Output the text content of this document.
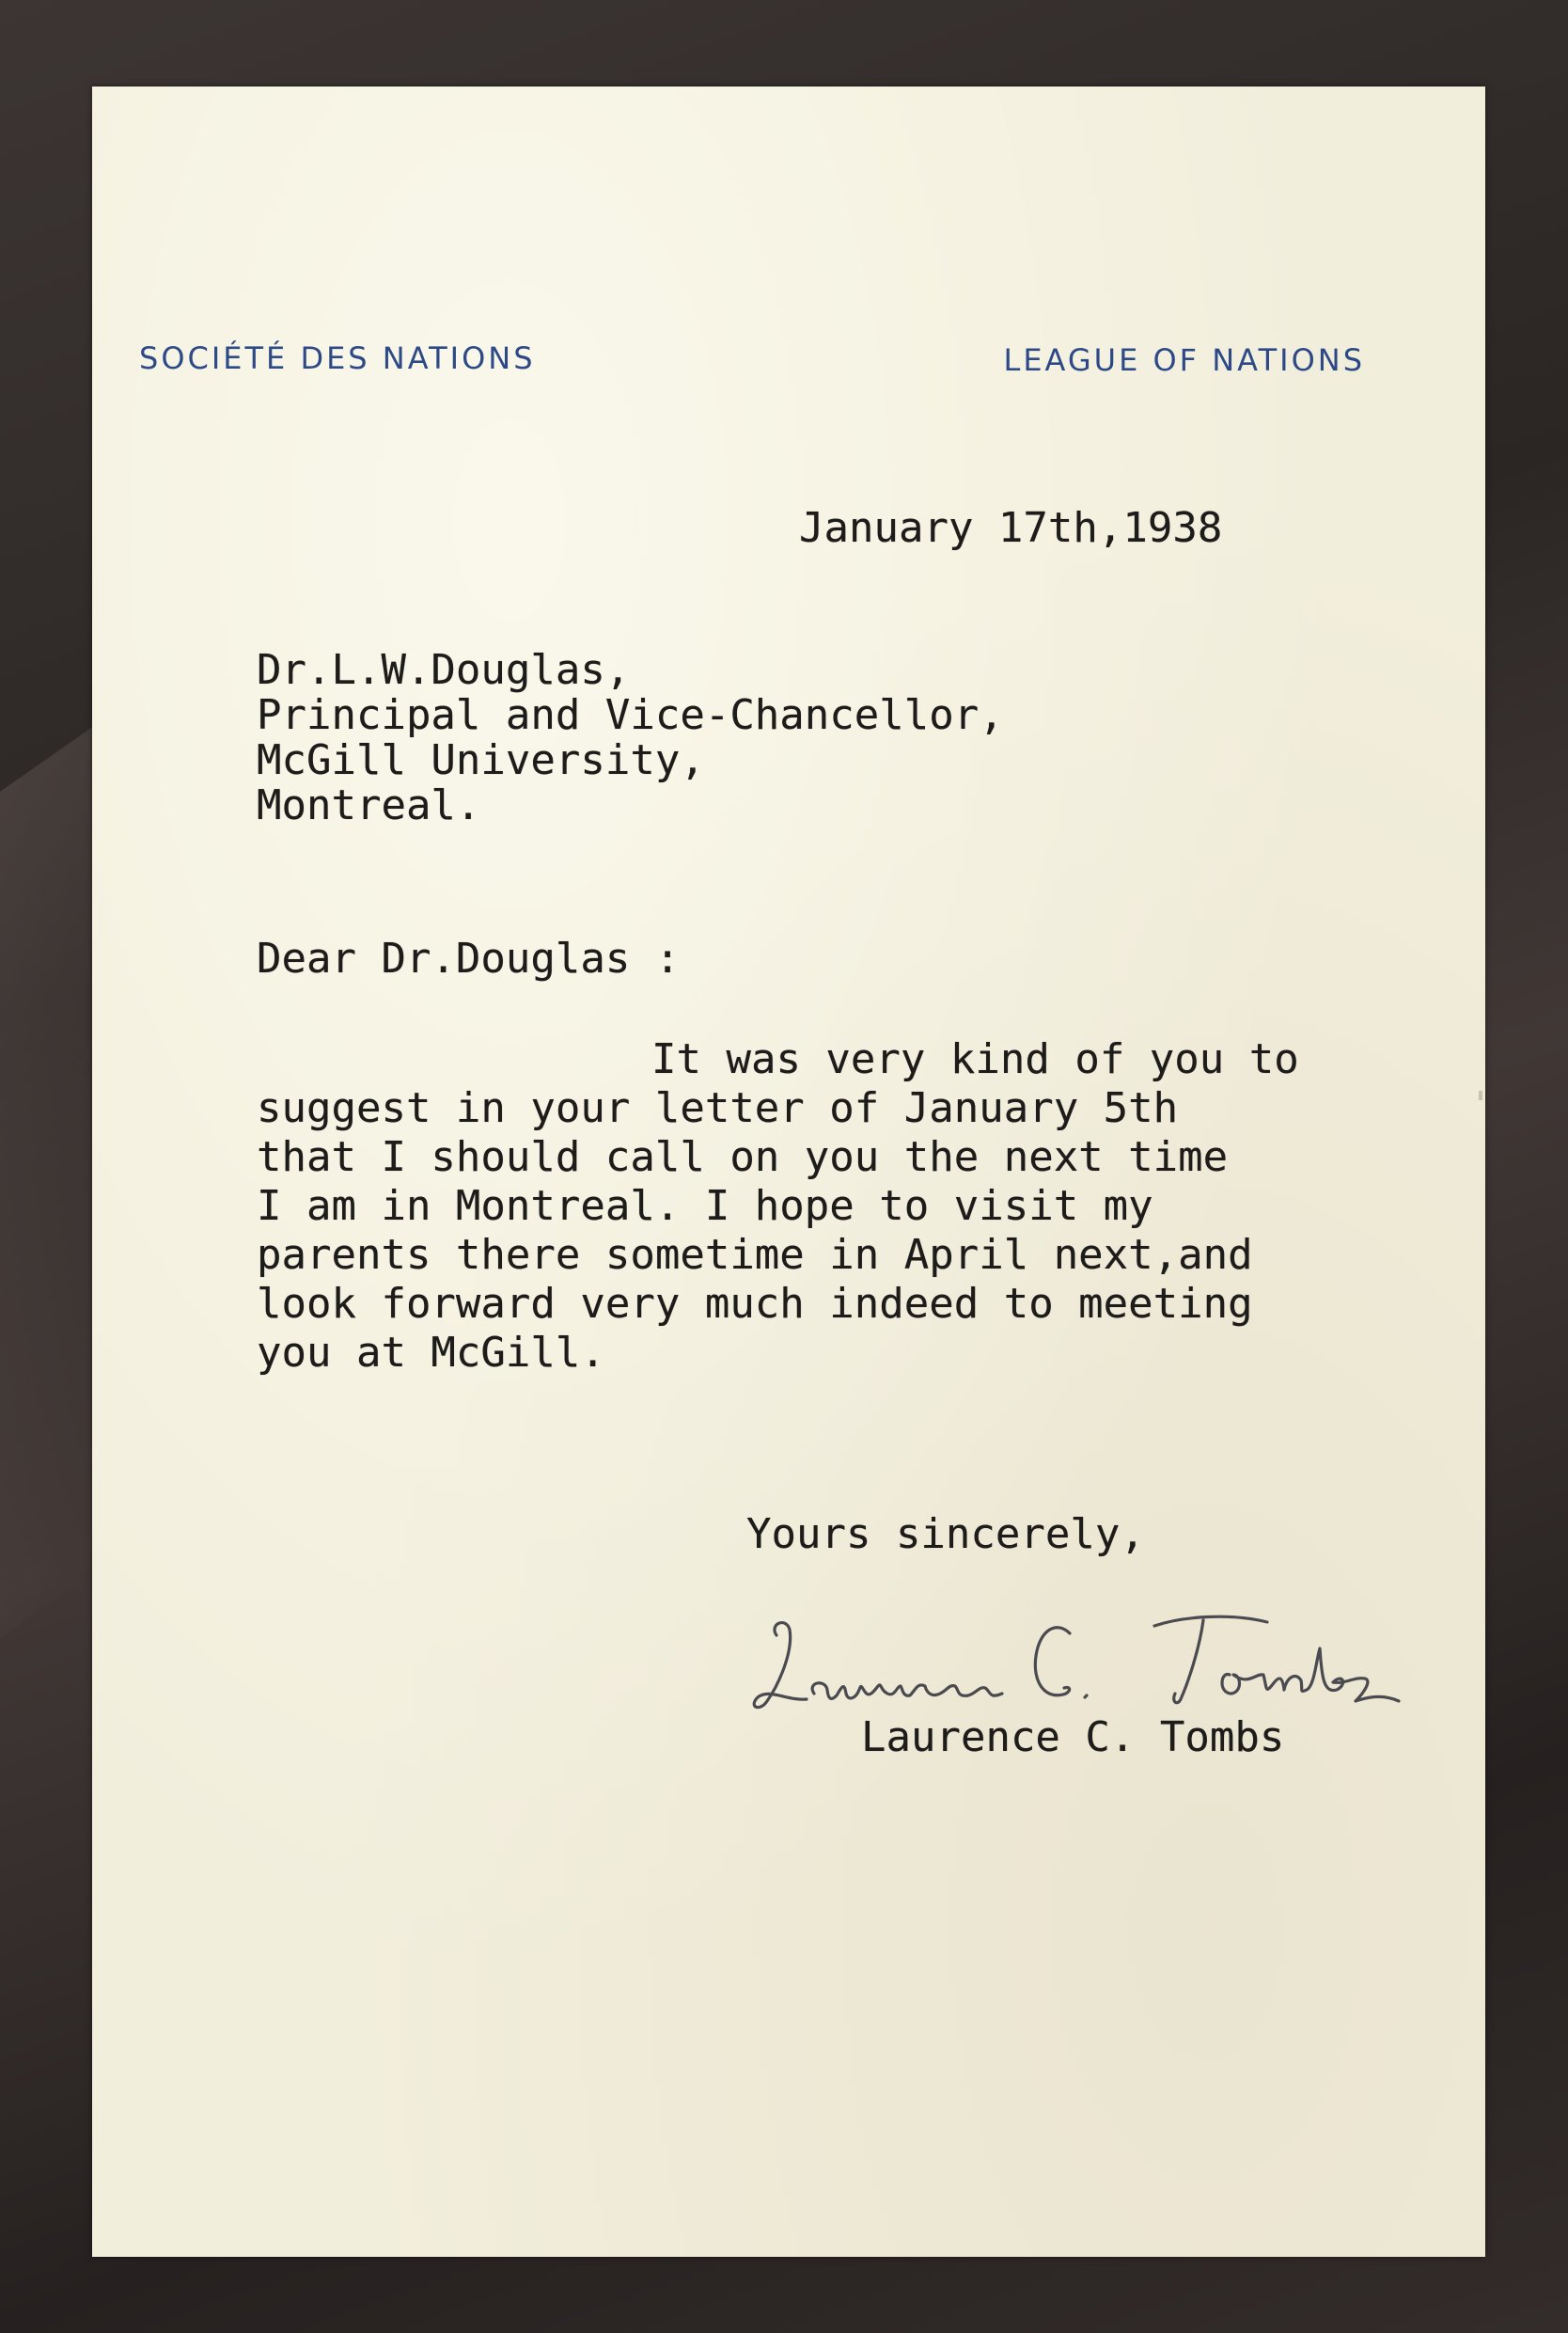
SOCIÉTÉ DES NATIONS	LEAGUE OF NATIONS
January 17th,1938
Dr.L.W.Douglas,
Principal and Vice-Chancellor,
McGill University,
Montreal.
Dear Dr.Douglas :
It was very kind of you to
suggest in your letter of January 5th
that I should call on you the next time
I am in Montreal. I hope to visit my
parents there sometime in April next,and
look forward very much indeed to meeting
you at McGill.
Yours sincerely,
Laurence C. Tombs
